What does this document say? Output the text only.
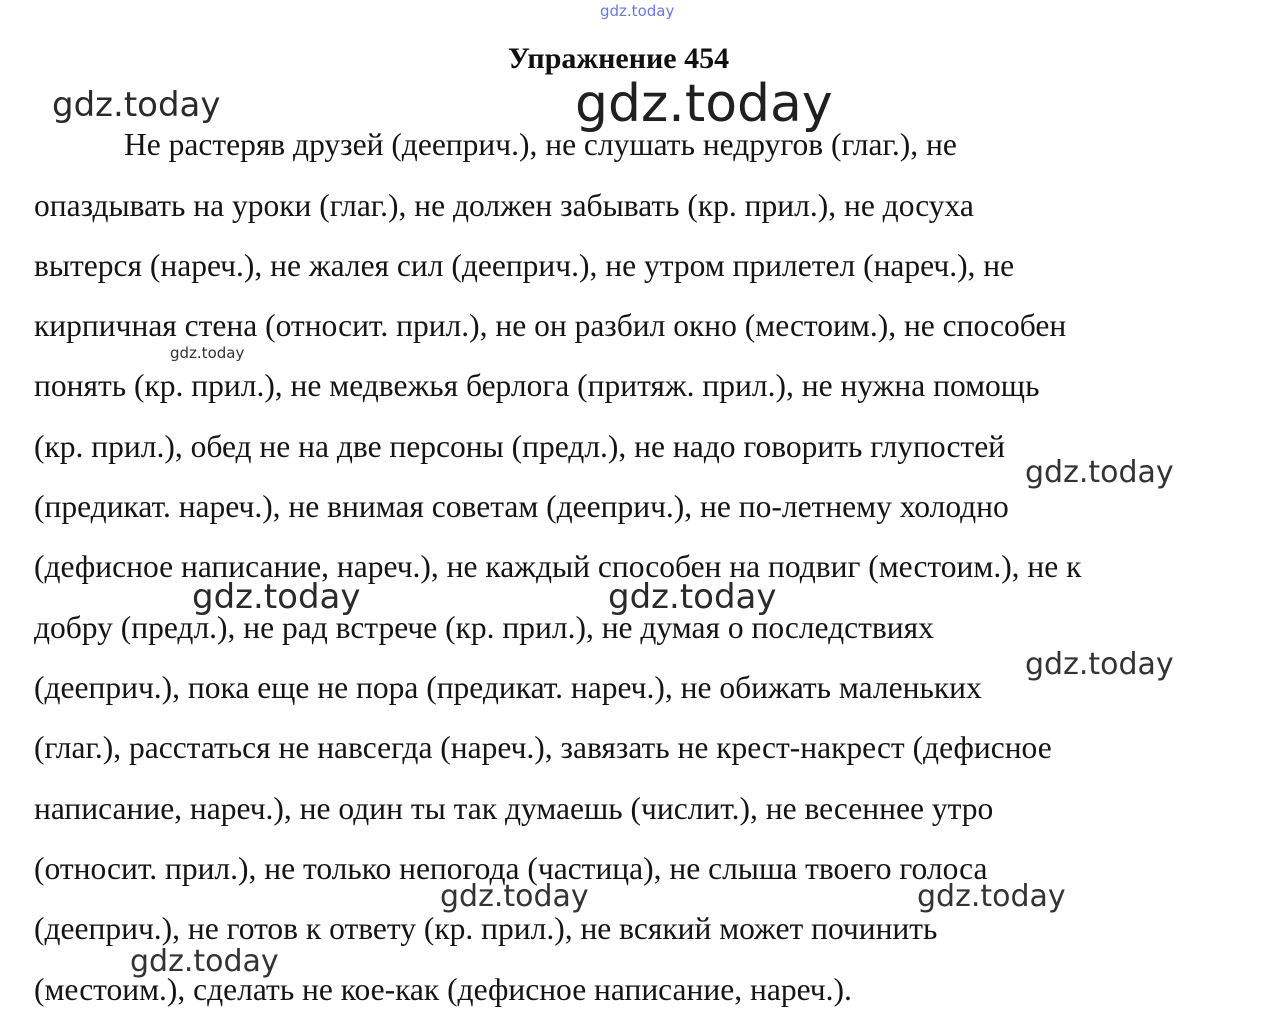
Упражнение 454
Не растеряв друзей (дееприч.), не слушать недругов (глаг.), не
опаздывать на уроки (глаг.), не должен забывать (кр. прил.), не досуха
вытерся (нареч.), не жалея сил (дееприч.), не утром прилетел (нареч.), не
кирпичная стена (относит. прил.), не он разбил окно (местоим.), не способен
понять (кр. прил.), не медвежья берлога (притяж. прил.), не нужна помощь
(кр. прил.), обед не на две персоны (предл.), не надо говорить глупостей
(предикат. нареч.), не внимая советам (дееприч.), не по-летнему холодно
(дефисное написание, нареч.), не каждый способен на подвиг (местоим.), не к
добру (предл.), не рад встрече (кр. прил.), не думая о последствиях
(дееприч.), пока еще не пора (предикат. нареч.), не обижать маленьких
(глаг.), расстаться не навсегда (нареч.), завязать не крест-накрест (дефисное
написание, нареч.), не один ты так думаешь (числит.), не весеннее утро
(относит. прил.), не только непогода (частица), не слыша твоего голоса
(дееприч.), не готов к ответу (кр. прил.), не всякий может починить
(местоим.), сделать не кое-как (дефисное написание, нареч.).
gdz.today
gdz.today	gdz.today
gdz.today
gdz.today
gdz.today	gdz.today
gdz.today
gdz.today	gdz.today
gdz.today
